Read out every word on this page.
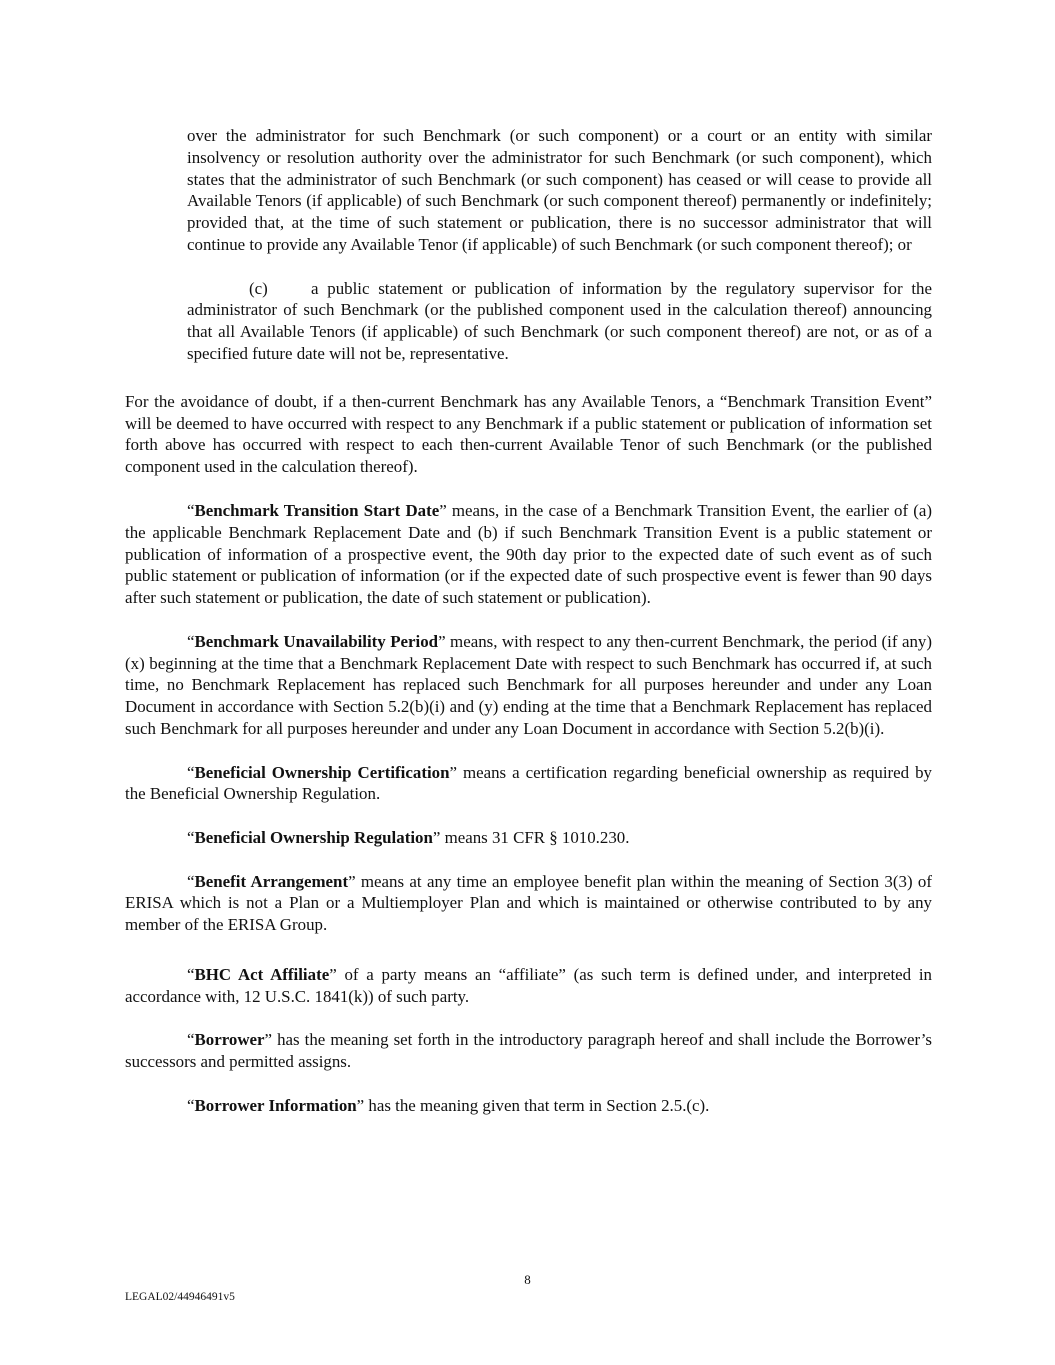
over the administrator for such Benchmark (or such component) or a court or an entity with similar insolvency or resolution authority over the administrator for such Benchmark (or such component), which states that the administrator of such Benchmark (or such component) has ceased or will cease to provide all Available Tenors (if applicable) of such Benchmark (or such component thereof) permanently or indefinitely; provided that, at the time of such statement or publication, there is no successor administrator that will continue to provide any Available Tenor (if applicable) of such Benchmark (or such component thereof); or

(c)	a public statement or publication of information by the regulatory supervisor for the administrator of such Benchmark (or the published component used in the calculation thereof) announcing that all Available Tenors (if applicable) of such Benchmark (or such component thereof) are not, or as of a specified future date will not be, representative.

For the avoidance of doubt, if a then-current Benchmark has any Available Tenors, a “Benchmark Transition Event” will be deemed to have occurred with respect to any Benchmark if a public statement or publication of information set forth above has occurred with respect to each then-current Available Tenor of such Benchmark (or the published component used in the calculation thereof).

“Benchmark Transition Start Date” means, in the case of a Benchmark Transition Event, the earlier of (a) the applicable Benchmark Replacement Date and (b) if such Benchmark Transition Event is a public statement or publication of information of a prospective event, the 90th day prior to the expected date of such event as of such public statement or publication of information (or if the expected date of such prospective event is fewer than 90 days after such statement or publication, the date of such statement or publication).

“Benchmark Unavailability Period” means, with respect to any then-current Benchmark, the period (if any) (x) beginning at the time that a Benchmark Replacement Date with respect to such Benchmark has occurred if, at such time, no Benchmark Replacement has replaced such Benchmark for all purposes hereunder and under any Loan Document in accordance with Section 5.2(b)(i) and (y) ending at the time that a Benchmark Replacement has replaced such Benchmark for all purposes hereunder and under any Loan Document in accordance with Section 5.2(b)(i).

“Beneficial Ownership Certification” means a certification regarding beneficial ownership as required by the Beneficial Ownership Regulation.

“Beneficial Ownership Regulation” means 31 CFR § 1010.230.

“Benefit Arrangement” means at any time an employee benefit plan within the meaning of Section 3(3) of ERISA which is not a Plan or a Multiemployer Plan and which is maintained or otherwise contributed to by any member of the ERISA Group.

“BHC Act Affiliate” of a party means an “affiliate” (as such term is defined under, and interpreted in accordance with, 12 U.S.C. 1841(k)) of such party.

“Borrower” has the meaning set forth in the introductory paragraph hereof and shall include the Borrower’s successors and permitted assigns.

“Borrower Information” has the meaning given that term in Section 2.5.(c).

8
LEGAL02/44946491v5
